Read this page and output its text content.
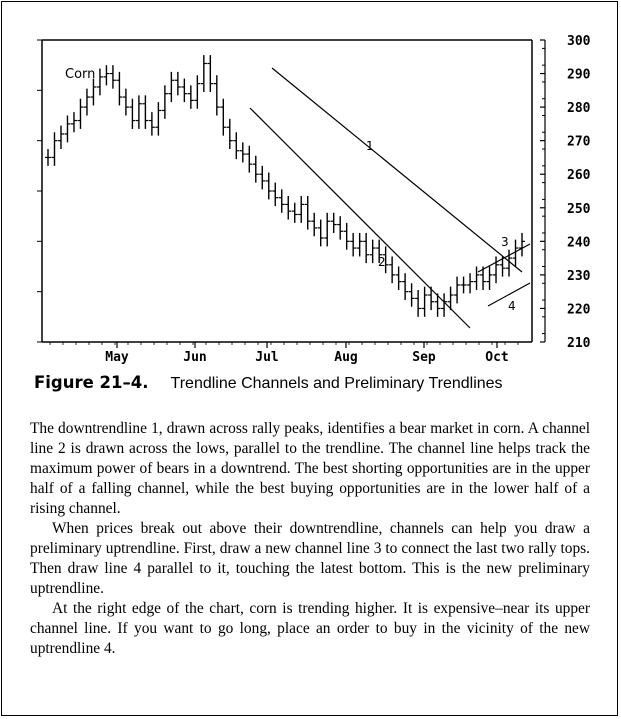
300
290
280
270
260
250
240
230
220
210
May	Jun	Jul	Aug	Sep	Oct
Corn
1
2
3
4
Figure 21–4. Trendline Channels and Preliminary Trendlines

The downtrendline 1, drawn across rally peaks, identifies a bear market in corn. A channel line 2 is drawn across the lows, parallel to the trendline. The channel line helps track the maximum power of bears in a downtrend. The best shorting opportunities are in the upper half of a falling channel, while the best buying opportunities are in the lower half of a rising channel.

When prices break out above their downtrendline, channels can help you draw a preliminary uptrendline. First, draw a new channel line 3 to connect the last two rally tops. Then draw line 4 parallel to it, touching the latest bottom. This is the new preliminary uptrendline.

At the right edge of the chart, corn is trending higher. It is expensive–near its upper channel line. If you want to go long, place an order to buy in the vicinity of the new uptrendline 4.
